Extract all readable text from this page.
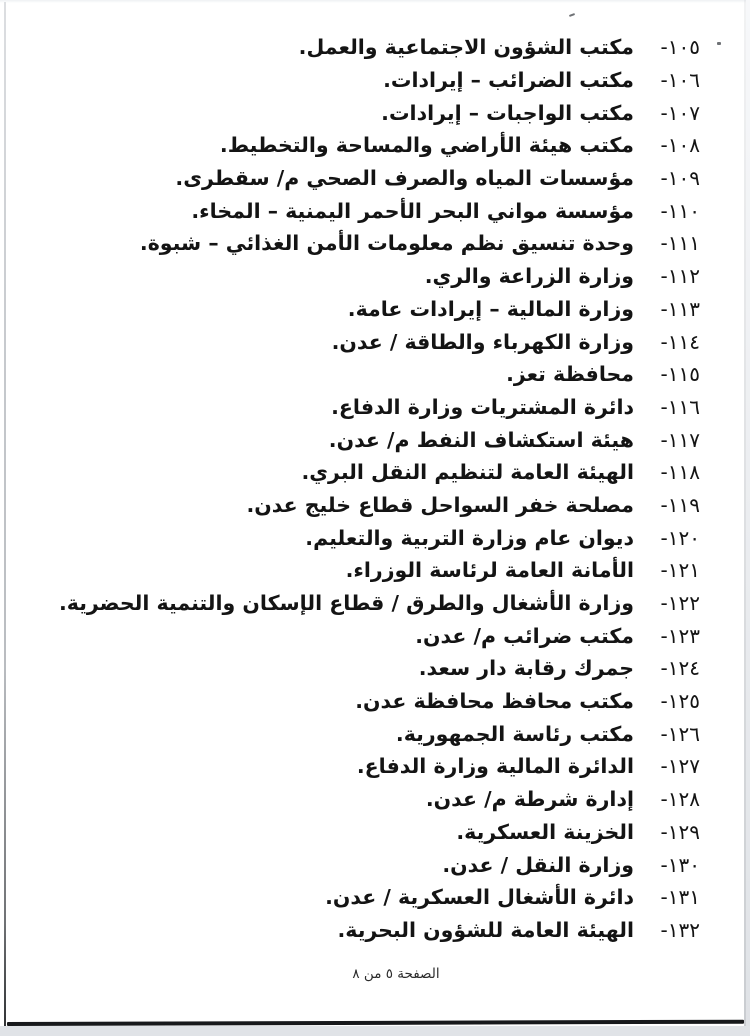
١٠٥-
مكتب الشؤون الاجتماعية والعمل.
١٠٦-
مكتب الضرائب – إيرادات.
١٠٧-
مكتب الواجبات – إيرادات.
١٠٨-
مكتب هيئة الأراضي والمساحة والتخطيط.
١٠٩-
مؤسسات المياه والصرف الصحي م/ سقطرى.
١١٠-
مؤسسة مواني البحر الأحمر اليمنية – المخاء.
١١١-
وحدة تنسيق نظم معلومات الأمن الغذائي – شبوة.
١١٢-
وزارة الزراعة والري.
١١٣-
وزارة المالية – إيرادات عامة.
١١٤-
وزارة الكهرباء والطاقة / عدن.
١١٥-
محافظة تعز.
١١٦-
دائرة المشتريات وزارة الدفاع.
١١٧-
هيئة استكشاف النفط م/ عدن.
١١٨-
الهيئة العامة لتنظيم النقل البري.
١١٩-
مصلحة خفر السواحل قطاع خليج عدن.
١٢٠-
ديوان عام وزارة التربية والتعليم.
١٢١-
الأمانة العامة لرئاسة الوزراء.
١٢٢-
وزارة الأشغال والطرق / قطاع الإسكان والتنمية الحضرية.
١٢٣-
مكتب ضرائب م/ عدن.
١٢٤-
جمرك رقابة دار سعد.
١٢٥-
مكتب محافظ محافظة عدن.
١٢٦-
مكتب رئاسة الجمهورية.
١٢٧-
الدائرة المالية وزارة الدفاع.
١٢٨-
إدارة شرطة م/ عدن.
١٢٩-
الخزينة العسكرية.
١٣٠-
وزارة النقل / عدن.
١٣١-
دائرة الأشغال العسكرية / عدن.
١٣٢-
الهيئة العامة للشؤون البحرية.
الصفحة ٥ من ٨
